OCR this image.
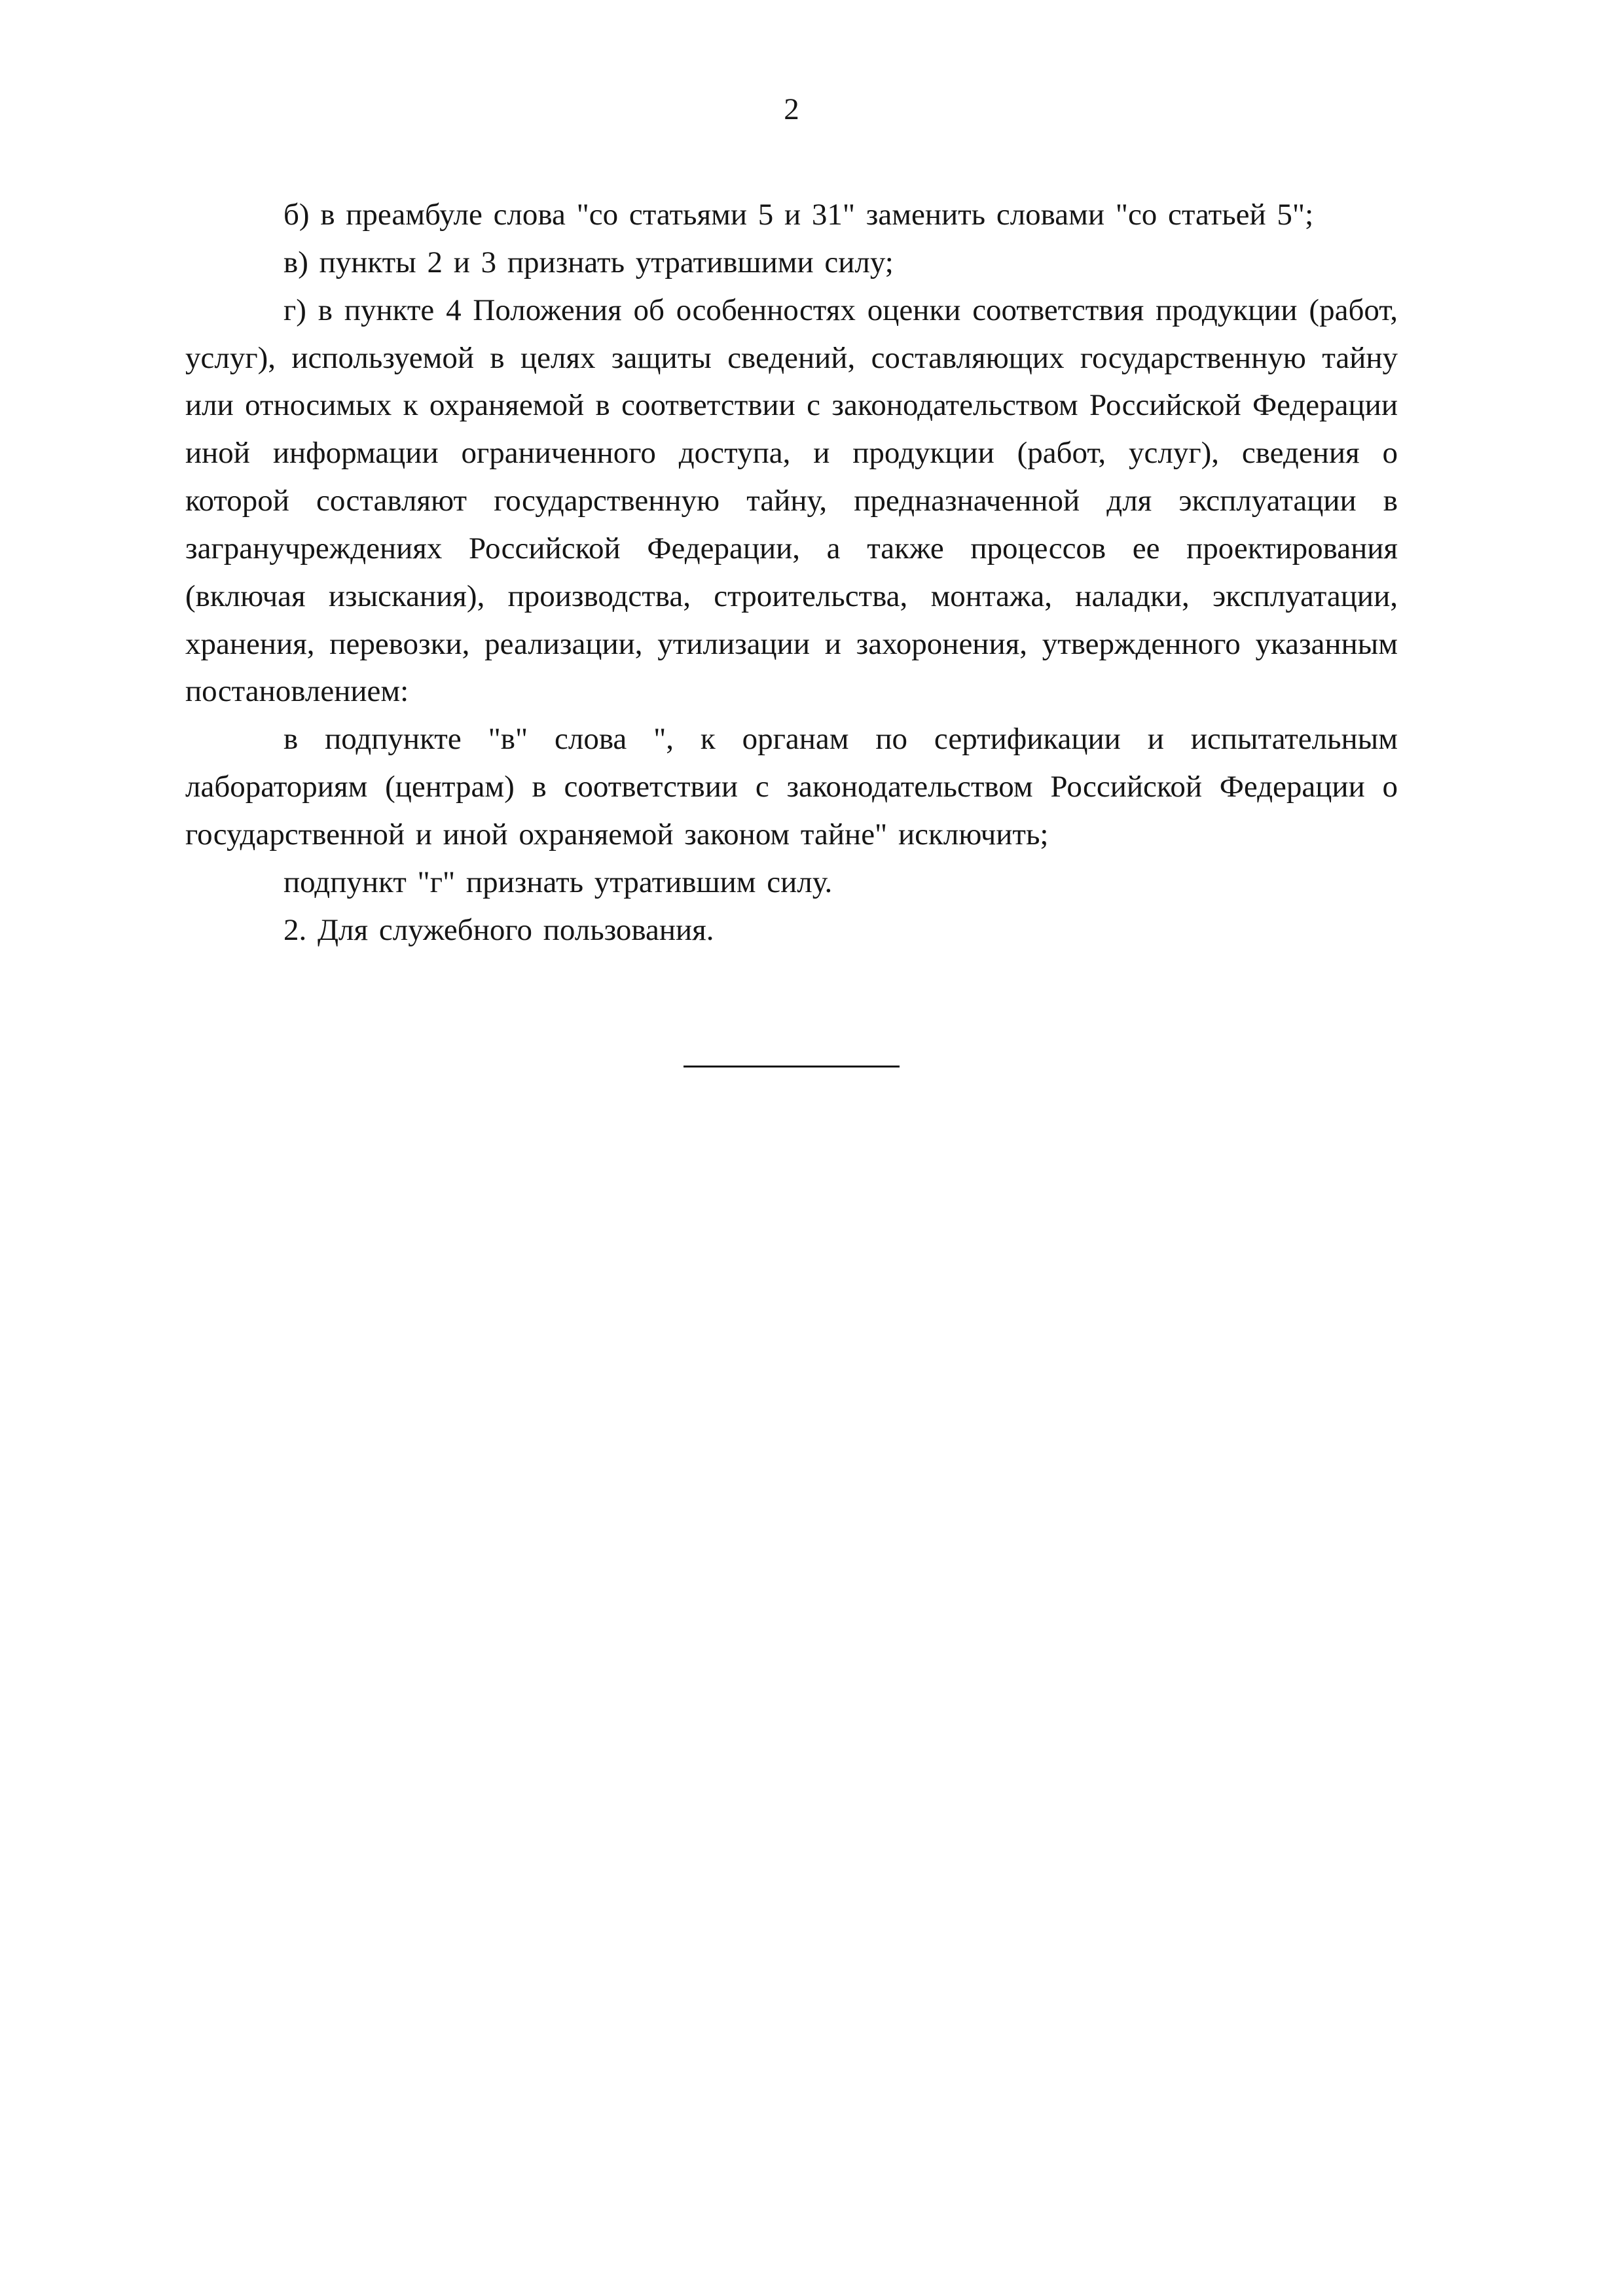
2

б) в преамбуле слова "со статьями 5 и 31" заменить словами "со статьей 5";

в) пункты 2 и 3 признать утратившими силу;

г) в пункте 4 Положения об особенностях оценки соответствия продукции (работ, услуг), используемой в целях защиты сведений, составляющих государственную тайну или относимых к охраняемой в соответствии с законодательством Российской Федерации иной информации ограниченного доступа, и продукции (работ, услуг), сведения о которой составляют государственную тайну, предназначенной для эксплуатации в загранучреждениях Российской Федерации, а также процессов ее проектирования (включая изыскания), производства, строительства, монтажа, наладки, эксплуатации, хранения, перевозки, реализации, утилизации и захоронения, утвержденного указанным постановлением:

в подпункте "в" слова ", к органам по сертификации и испытательным лабораториям (центрам) в соответствии с законодательством Российской Федерации о государственной и иной охраняемой законом тайне" исключить;

подпункт "г" признать утратившим силу.

2. Для служебного пользования.
